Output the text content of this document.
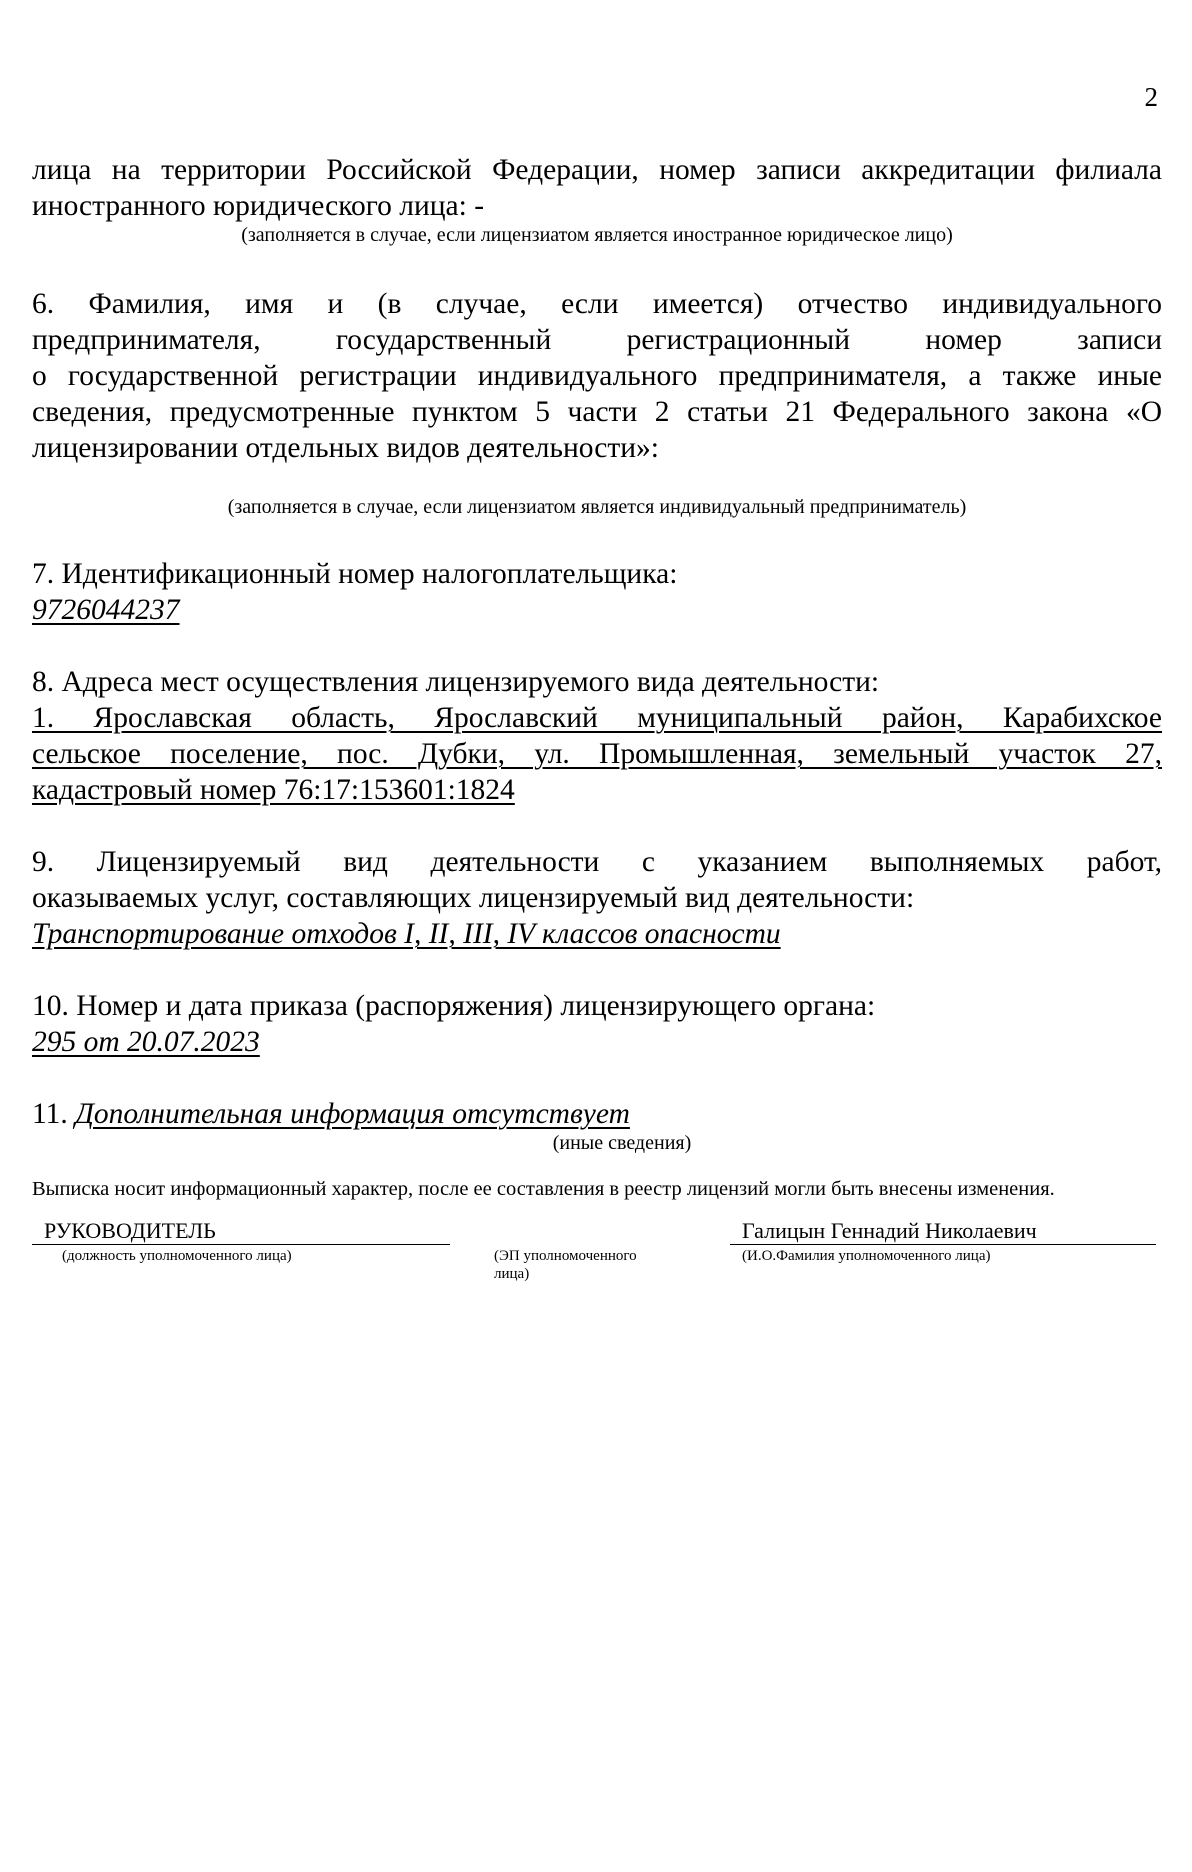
2

лица на территории Российской Федерации, номер записи аккредитации филиала

иностранного юридического лица: -

(заполняется в случае, если лицензиатом является иностранное юридическое лицо)

6. Фамилия, имя и (в случае, если имеется) отчество индивидуального

предпринимателя, государственный регистрационный номер записи

о государственной регистрации индивидуального предпринимателя, а также иные

сведения, предусмотренные пунктом 5 части 2 статьи 21 Федерального закона «О

лицензировании отдельных видов деятельности»:

(заполняется в случае, если лицензиатом является индивидуальный предприниматель)

7. Идентификационный номер налогоплательщика:

9726044237

8. Адреса мест осуществления лицензируемого вида деятельности:

1. Ярославская область, Ярославский муниципальный район, Карабихское

сельское поселение, пос. Дубки, ул. Промышленная, земельный участок 27,

кадастровый номер 76:17:153601:1824

9. Лицензируемый вид деятельности с указанием выполняемых работ,

оказываемых услуг, составляющих лицензируемый вид деятельности:

Транспортирование отходов I, II, III, IV классов опасности

10. Номер и дата приказа (распоряжения) лицензирующего органа:

295 от 20.07.2023

11. Дополнительная информация отсутствует

(иные сведения)

Выписка носит информационный характер, после ее составления в реестр лицензий могли быть внесены изменения.

РУКОВОДИТЕЛЬ
(должность уполномоченного лица)	(ЭП уполномоченного лица)
Галицын Геннадий Николаевич
(И.О.Фамилия уполномоченного лица)
